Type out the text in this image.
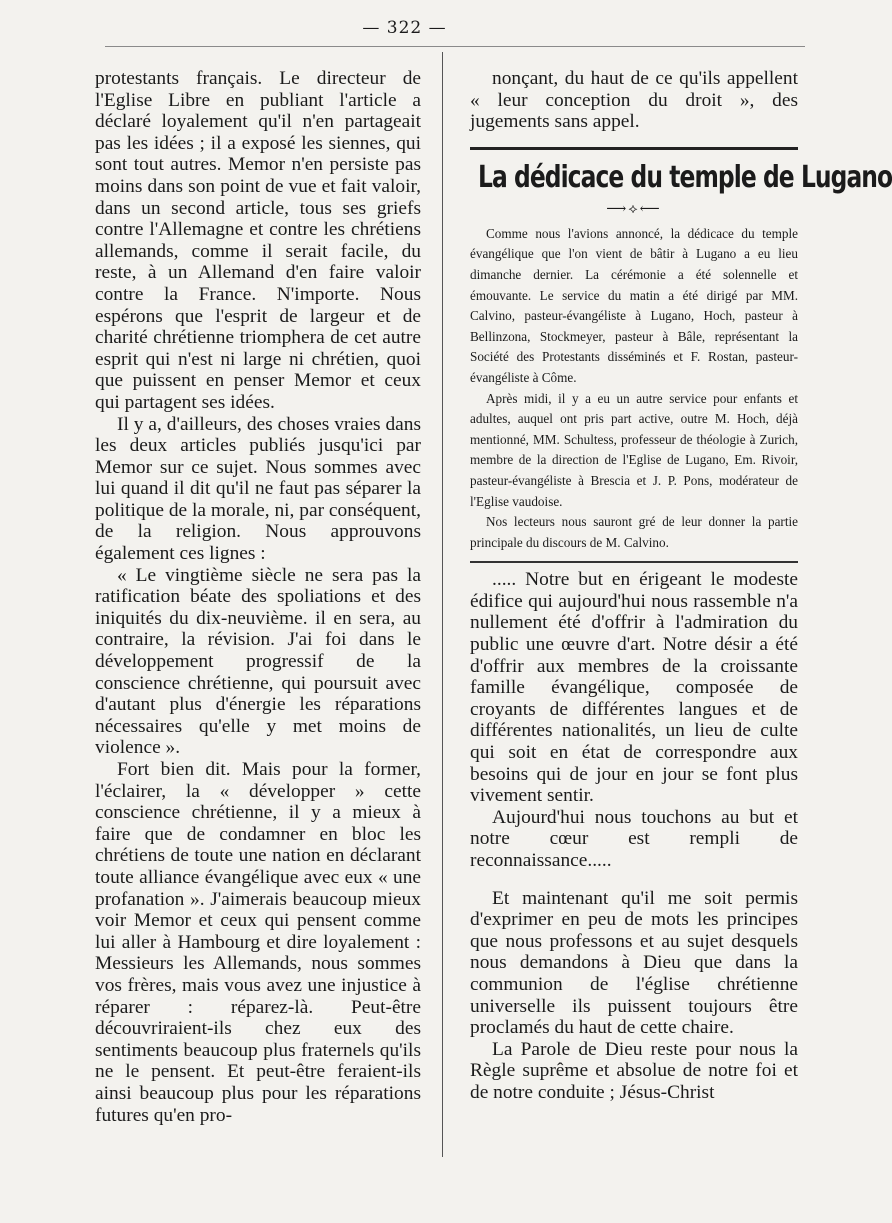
— 322 —

protestants français. Le directeur de l'Eglise Libre en publiant l'article a déclaré loyalement qu'il n'en partageait pas les idées ; il a exposé les siennes, qui sont tout autres. Memor n'en persiste pas moins dans son point de vue et fait valoir, dans un second article, tous ses griefs contre l'Allemagne et contre les chrétiens allemands, comme il serait facile, du reste, à un Allemand d'en faire valoir contre la France. N'importe. Nous espérons que l'esprit de largeur et de charité chrétienne triomphera de cet autre esprit qui n'est ni large ni chrétien, quoi que puissent en penser Memor et ceux qui partagent ses idées.

Il y a, d'ailleurs, des choses vraies dans les deux articles publiés jusqu'ici par Memor sur ce sujet. Nous sommes avec lui quand il dit qu'il ne faut pas séparer la politique de la morale, ni, par conséquent, de la religion. Nous approuvons également ces lignes :

« Le vingtième siècle ne sera pas la ratification béate des spoliations et des iniquités du dix-neuvième. il en sera, au contraire, la révision. J'ai foi dans le développement progressif de la conscience chrétienne, qui poursuit avec d'autant plus d'énergie les réparations nécessaires qu'elle y met moins de violence ».

Fort bien dit. Mais pour la former, l'éclairer, la « développer » cette conscience chrétienne, il y a mieux à faire que de condamner en bloc les chrétiens de toute une nation en déclarant toute alliance évangélique avec eux « une profanation ». J'aimerais beaucoup mieux voir Memor et ceux qui pensent comme lui aller à Hambourg et dire loyalement : Messieurs les Allemands, nous sommes vos frères, mais vous avez une injustice à réparer : réparez-là. Peut-être découvriraient-ils chez eux des sentiments beaucoup plus fraternels qu'ils ne le pensent. Et peut-être feraient-ils ainsi beaucoup plus pour les réparations futures qu'en pro-

nonçant, du haut de ce qu'ils appellent « leur conception du droit », des jugements sans appel.

La dédicace du temple de Lugano
⟶⟡⟵

Comme nous l'avions annoncé, la dédicace du temple évangélique que l'on vient de bâtir à Lugano a eu lieu dimanche dernier. La cérémonie a été solennelle et émouvante. Le service du matin a été dirigé par MM. Calvino, pasteur-évangéliste à Lugano, Hoch, pasteur à Bellinzona, Stockmeyer, pasteur à Bâle, représentant la Société des Protestants disséminés et F. Rostan, pasteur-évangéliste à Côme.

Après midi, il y a eu un autre service pour enfants et adultes, auquel ont pris part active, outre M. Hoch, déjà mentionné, MM. Schultess, professeur de théologie à Zurich, membre de la direction de l'Eglise de Lugano, Em. Rivoir, pasteur-évangéliste à Brescia et J. P. Pons, modérateur de l'Eglise vaudoise.

Nos lecteurs nous sauront gré de leur donner la partie principale du discours de M. Calvino.

..... Notre but en érigeant le modeste édifice qui aujourd'hui nous rassemble n'a nullement été d'offrir à l'admiration du public une œuvre d'art. Notre désir a été d'offrir aux membres de la croissante famille évangélique, composée de croyants de différentes langues et de différentes nationalités, un lieu de culte qui soit en état de correspondre aux besoins qui de jour en jour se font plus vivement sentir.

Aujourd'hui nous touchons au but et notre cœur est rempli de reconnaissance.....

Et maintenant qu'il me soit permis d'exprimer en peu de mots les principes que nous professons et au sujet desquels nous demandons à Dieu que dans la communion de l'église chrétienne universelle ils puissent toujours être proclamés du haut de cette chaire.

La Parole de Dieu reste pour nous la Règle suprême et absolue de notre foi et de notre conduite ; Jésus-Christ
